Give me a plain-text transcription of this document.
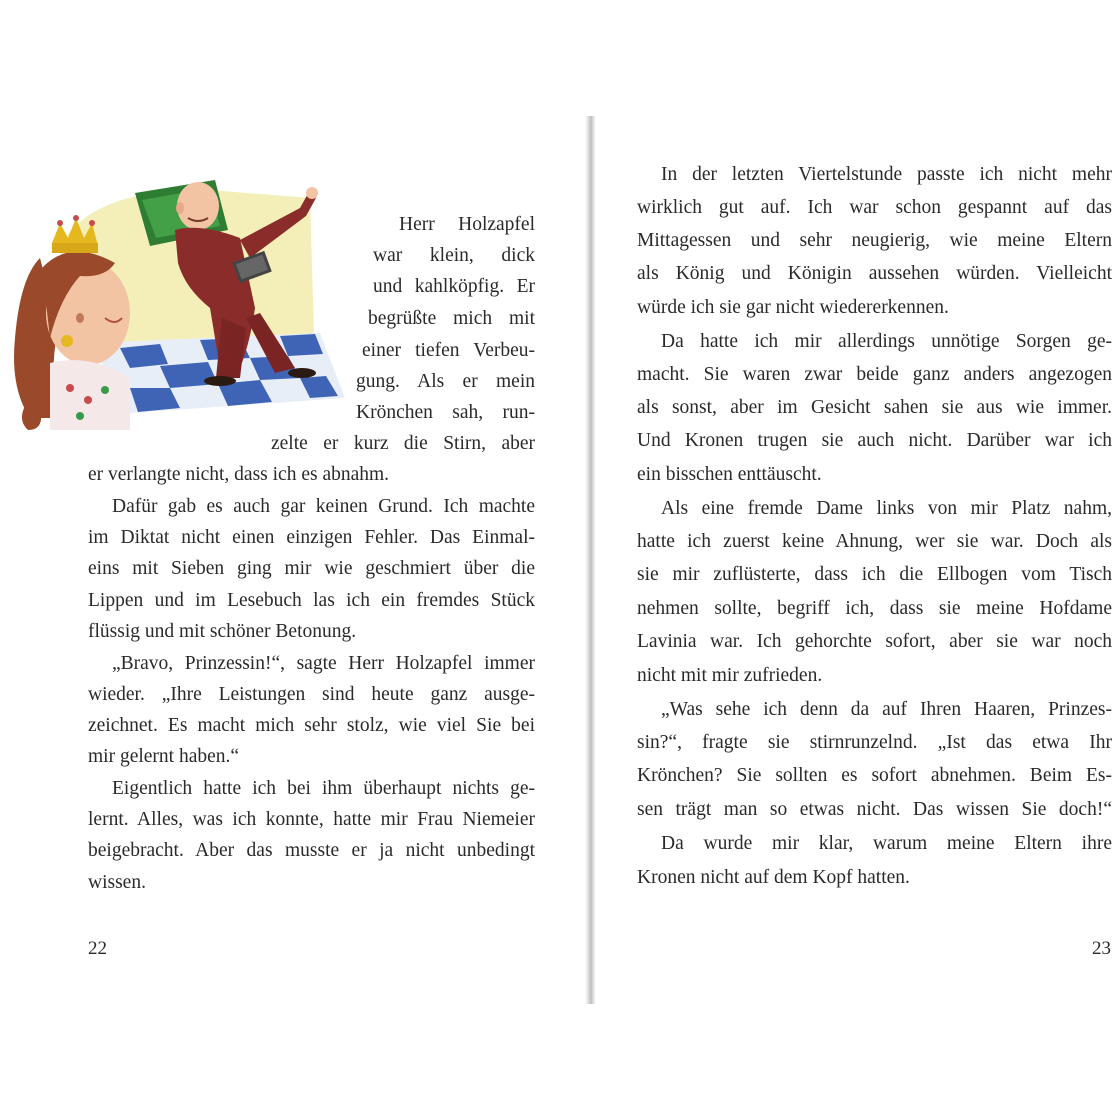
Herr Holzapfel
war klein, dick
und kahlköpfig. Er
begrüßte mich mit
einer tiefen Verbeu-
gung. Als er mein
Krönchen sah, run-
zelte er kurz die Stirn, aber
er verlangte nicht, dass ich es abnahm.
Dafür gab es auch gar keinen Grund. Ich machte
im Diktat nicht einen einzigen Fehler. Das Einmal-
eins mit Sieben ging mir wie geschmiert über die
Lippen und im Lesebuch las ich ein fremdes Stück
flüssig und mit schöner Betonung.
„Bravo, Prinzessin!“, sagte Herr Holzapfel immer
wieder. „Ihre Leistungen sind heute ganz ausge-
zeichnet. Es macht mich sehr stolz, wie viel Sie bei
mir gelernt haben.“
Eigentlich hatte ich bei ihm überhaupt nichts ge-
lernt. Alles, was ich konnte, hatte mir Frau Niemeier
beigebracht. Aber das musste er ja nicht unbedingt
wissen.
22
In der letzten Viertelstunde passte ich nicht mehr
wirklich gut auf. Ich war schon gespannt auf das
Mittagessen und sehr neugierig, wie meine Eltern
als König und Königin aussehen würden. Vielleicht
würde ich sie gar nicht wiedererkennen.
Da hatte ich mir allerdings unnötige Sorgen ge-
macht. Sie waren zwar beide ganz anders angezogen
als sonst, aber im Gesicht sahen sie aus wie immer.
Und Kronen trugen sie auch nicht. Darüber war ich
ein bisschen enttäuscht.
Als eine fremde Dame links von mir Platz nahm,
hatte ich zuerst keine Ahnung, wer sie war. Doch als
sie mir zuflüsterte, dass ich die Ellbogen vom Tisch
nehmen sollte, begriff ich, dass sie meine Hofdame
Lavinia war. Ich gehorchte sofort, aber sie war noch
nicht mit mir zufrieden.
„Was sehe ich denn da auf Ihren Haaren, Prinzes-
sin?“, fragte sie stirnrunzelnd. „Ist das etwa Ihr
Krönchen? Sie sollten es sofort abnehmen. Beim Es-
sen trägt man so etwas nicht. Das wissen Sie doch!“
Da wurde mir klar, warum meine Eltern ihre
Kronen nicht auf dem Kopf hatten.
23
